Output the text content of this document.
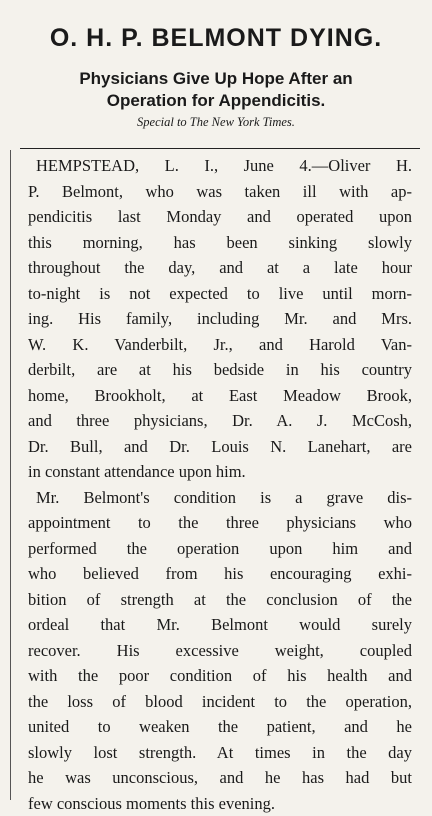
O. H. P. BELMONT DYING.
Physicians Give Up Hope After an
Operation for Appendicitis.
Special to The New York Times.
HEMPSTEAD, L. I., June 4.—Oliver H.
P. Belmont, who was taken ill with ap-
pendicitis last Monday and operated upon
this morning, has been sinking slowly
throughout the day, and at a late hour
to-night is not expected to live until morn-
ing. His family, including Mr. and Mrs.
W. K. Vanderbilt, Jr., and Harold Van-
derbilt, are at his bedside in his country
home, Brookholt, at East Meadow Brook,
and three physicians, Dr. A. J. McCosh,
Dr. Bull, and Dr. Louis N. Lanehart, are
in constant attendance upon him.
Mr. Belmont's condition is a grave dis-
appointment to the three physicians who
performed the operation upon him and
who believed from his encouraging exhi-
bition of strength at the conclusion of the
ordeal that Mr. Belmont would surely
recover. His excessive weight, coupled
with the poor condition of his health and
the loss of blood incident to the operation,
united to weaken the patient, and he
slowly lost strength. At times in the day
he was unconscious, and he has had but
few conscious moments this evening.
